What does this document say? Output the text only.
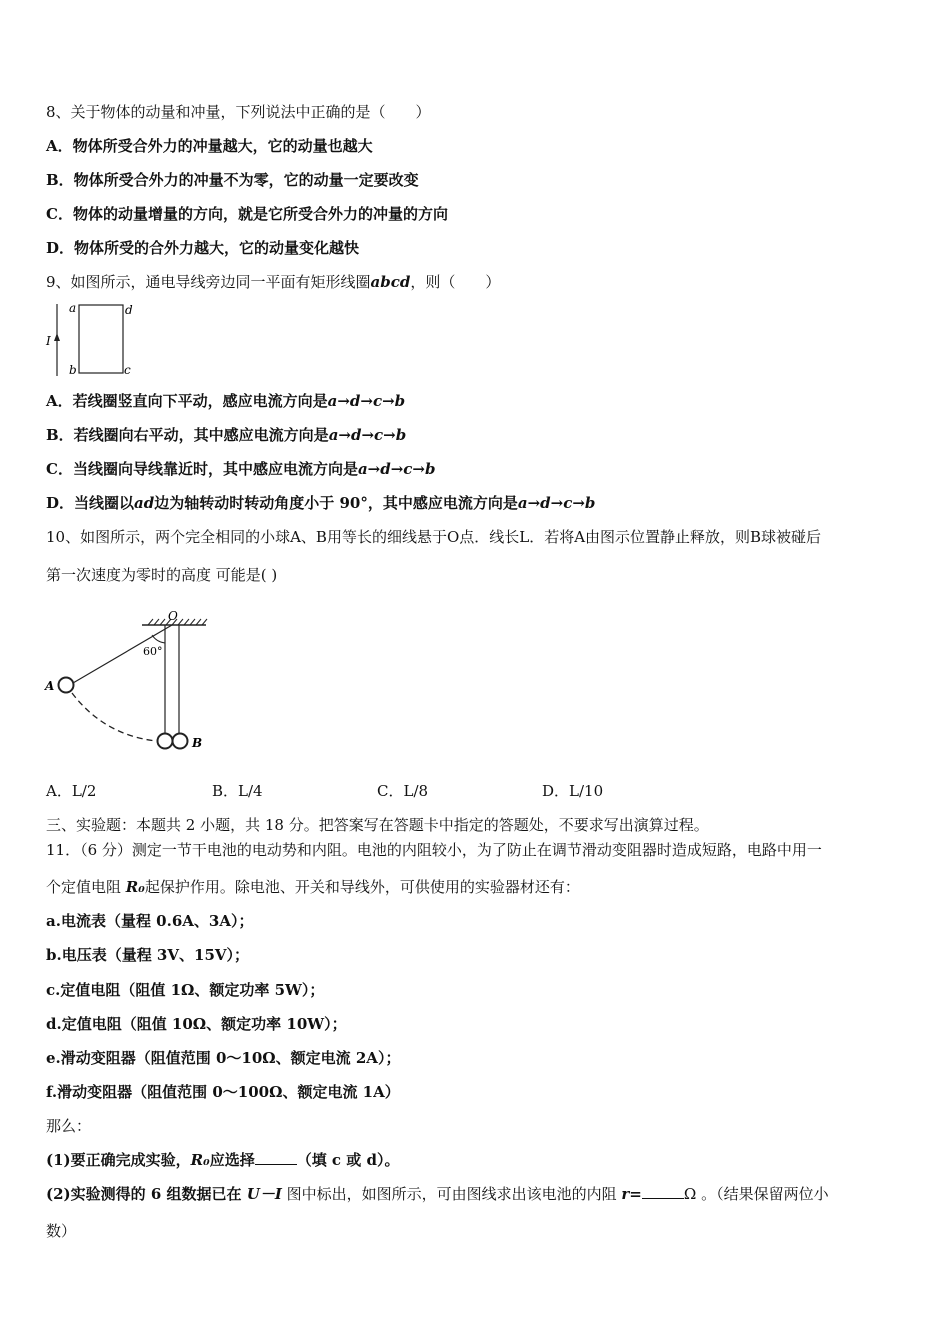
8、关于物体的动量和冲量，下列说法中正确的是（　　）
A．物体所受合外力的冲量越大，它的动量也越大
B．物体所受合外力的冲量不为零，它的动量一定要改变
C．物体的动量增量的方向，就是它所受合外力的冲量的方向
D．物体所受的合外力越大，它的动量变化越快
9、如图所示，通电导线旁边同一平面有矩形线圈abcd，则（　　）
I
a
b	c
d
A．若线圈竖直向下平动，感应电流方向是a→d→c→b
B．若线圈向右平动，其中感应电流方向是a→d→c→b
C．当线圈向导线靠近时，其中感应电流方向是a→d→c→b
D．当线圈以ad边为轴转动时转动角度小于 90°，其中感应电流方向是a→d→c→b
10、如图所示，两个完全相同的小球A、B用等长的细线悬于O点．线长L．若将A由图示位置静止释放，则B球被碰后
第一次速度为零时的高度 可能是( )
O
60°
A
B
A．L/2	B．L/4	C．L/8	D．L/10
三、实验题：本题共 2 小题，共 18 分。把答案写在答题卡中指定的答题处，不要求写出演算过程。
11．（6 分）测定一节干电池的电动势和内阻。电池的内阻较小，为了防止在调节滑动变阻器时造成短路，电路中用一
个定值电阻 R₀起保护作用。除电池、开关和导线外，可供使用的实验器材还有：
a.电流表（量程 0.6A、3A）；
b.电压表（量程 3V、15V）；
c.定值电阻（阻值 1Ω、额定功率 5W）；
d.定值电阻（阻值 10Ω、额定功率 10W）；
e.滑动变阻器（阻值范围 0～10Ω、额定电流 2A）；
f.滑动变阻器（阻值范围 0～100Ω、额定电流 1A）
那么：
(1)要正确完成实验，R₀应选择	（填 c 或 d）。
(2)实验测得的 6 组数据已在 U－I 图中标出，如图所示，可由图线求出该电池的内阻 r=	Ω 。（结果保留两位小
数）
